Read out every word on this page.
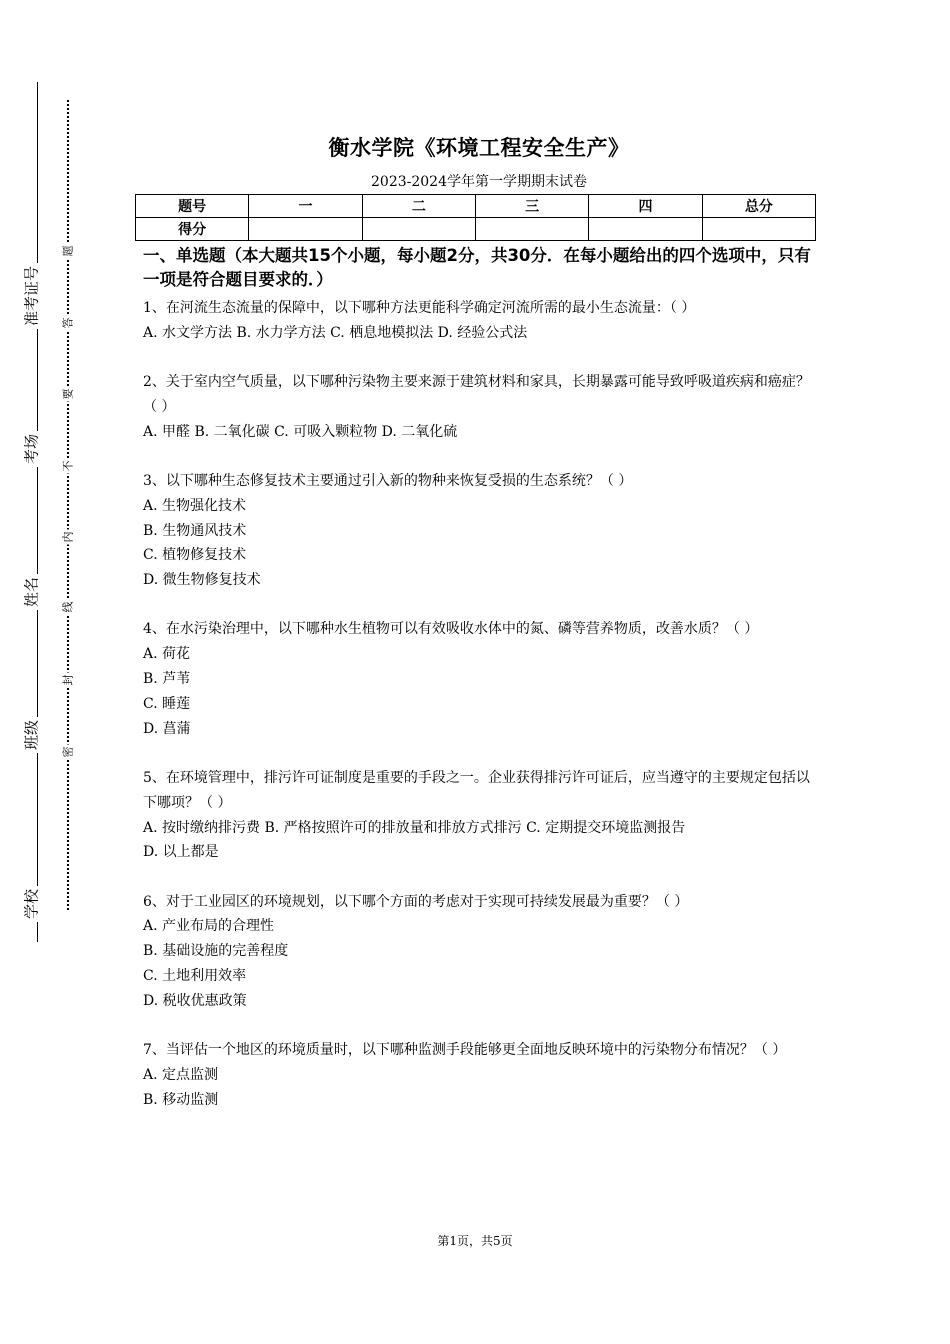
准考证号
考场
姓名
班级
学校
题
答
要
不
内
线
封
密
衡水学院《环境工程安全生产》
2023-2024学年第一学期期末试卷
题号	一	二	三	四	总分
得分					
一、单选题（本大题共15个小题，每小题2分，共30分．在每小题给出的四个选项中，只有一项是符合题目要求的．）
1、在河流生态流量的保障中，以下哪种方法更能科学确定河流所需的最小生态流量：（ ）
A. 水文学方法 B. 水力学方法 C. 栖息地模拟法 D. 经验公式法
2、关于室内空气质量，以下哪种污染物主要来源于建筑材料和家具，长期暴露可能导致呼吸道疾病和癌症？（ ）
A. 甲醛 B. 二氧化碳 C. 可吸入颗粒物 D. 二氧化硫
3、以下哪种生态修复技术主要通过引入新的物种来恢复受损的生态系统？（ ）
A. 生物强化技术
B. 生物通风技术
C. 植物修复技术
D. 微生物修复技术
4、在水污染治理中，以下哪种水生植物可以有效吸收水体中的氮、磷等营养物质，改善水质？（ ）
A. 荷花
B. 芦苇
C. 睡莲
D. 菖蒲
5、在环境管理中，排污许可证制度是重要的手段之一。企业获得排污许可证后，应当遵守的主要规定包括以下哪项？（ ）
A. 按时缴纳排污费 B. 严格按照许可的排放量和排放方式排污 C. 定期提交环境监测报告
D. 以上都是
6、对于工业园区的环境规划，以下哪个方面的考虑对于实现可持续发展最为重要？（ ）
A. 产业布局的合理性
B. 基础设施的完善程度
C. 土地利用效率
D. 税收优惠政策
7、当评估一个地区的环境质量时，以下哪种监测手段能够更全面地反映环境中的污染物分布情况？（ ）
A. 定点监测
B. 移动监测
第1页，共5页
